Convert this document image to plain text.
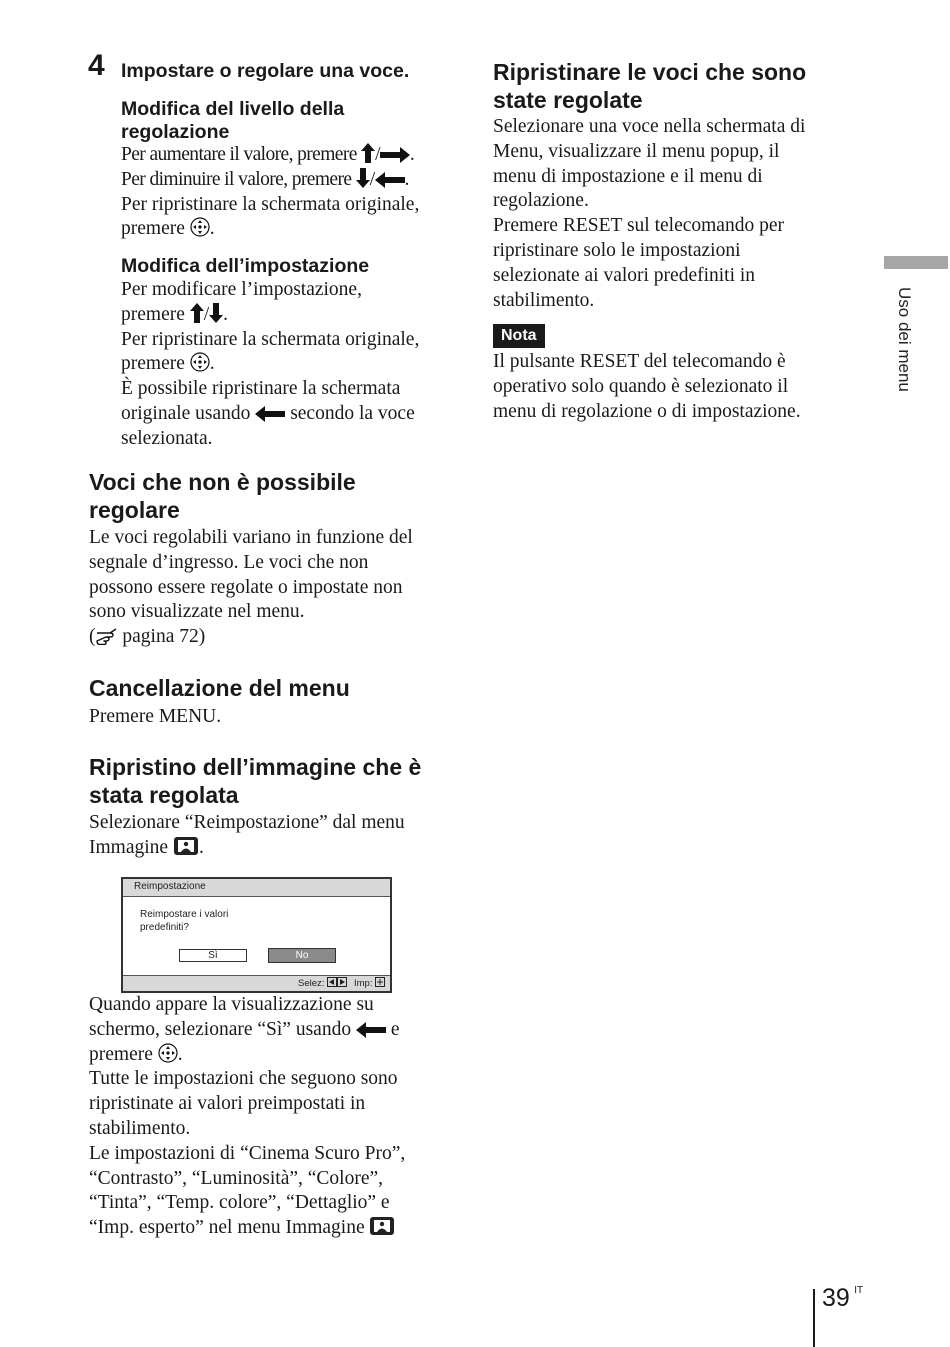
4 Impostare o regolare una voce.
Modifica del livello della
regolazione
Per aumentare il valore, premere / .
Per diminuire il valore, premere / .
Per ripristinare la schermata originale,
premere .
Modifica dell’impostazione
Per modificare l’impostazione,
premere / .
Per ripristinare la schermata originale,
premere .
È possibile ripristinare la schermata
originale usando  secondo la voce
selezionata.
Voci che non è possibile
regolare
Le voci regolabili variano in funzione del
segnale d’ingresso. Le voci che non
possono essere regolate o impostate non
sono visualizzate nel menu.
( pagina 72)
Cancellazione del menu
Premere MENU.
Ripristino dell’immagine che è
stata regolata
Selezionare “Reimpostazione” dal menu
Immagine .
Reimpostazione
Reimpostare i valori
predefiniti?
Sì	No
Selez:	Imp:
Quando appare la visualizzazione su
schermo, selezionare “Sì” usando  e
premere .
Tutte le impostazioni che seguono sono
ripristinate ai valori preimpostati in
stabilimento.
Le impostazioni di “Cinema Scuro Pro”,
“Contrasto”, “Luminosità”, “Colore”,
“Tinta”, “Temp. colore”, “Dettaglio” e
“Imp. esperto” nel menu Immagine
Ripristinare le voci che sono
state regolate
Selezionare una voce nella schermata di
Menu, visualizzare il menu popup, il
menu di impostazione e il menu di
regolazione.
Premere RESET sul telecomando per
ripristinare solo le impostazioni
selezionate ai valori predefiniti in
stabilimento.
Nota
Il pulsante RESET del telecomando è
operativo solo quando è selezionato il
menu di regolazione o di impostazione.
Uso dei menu
39 $^{IT}$
